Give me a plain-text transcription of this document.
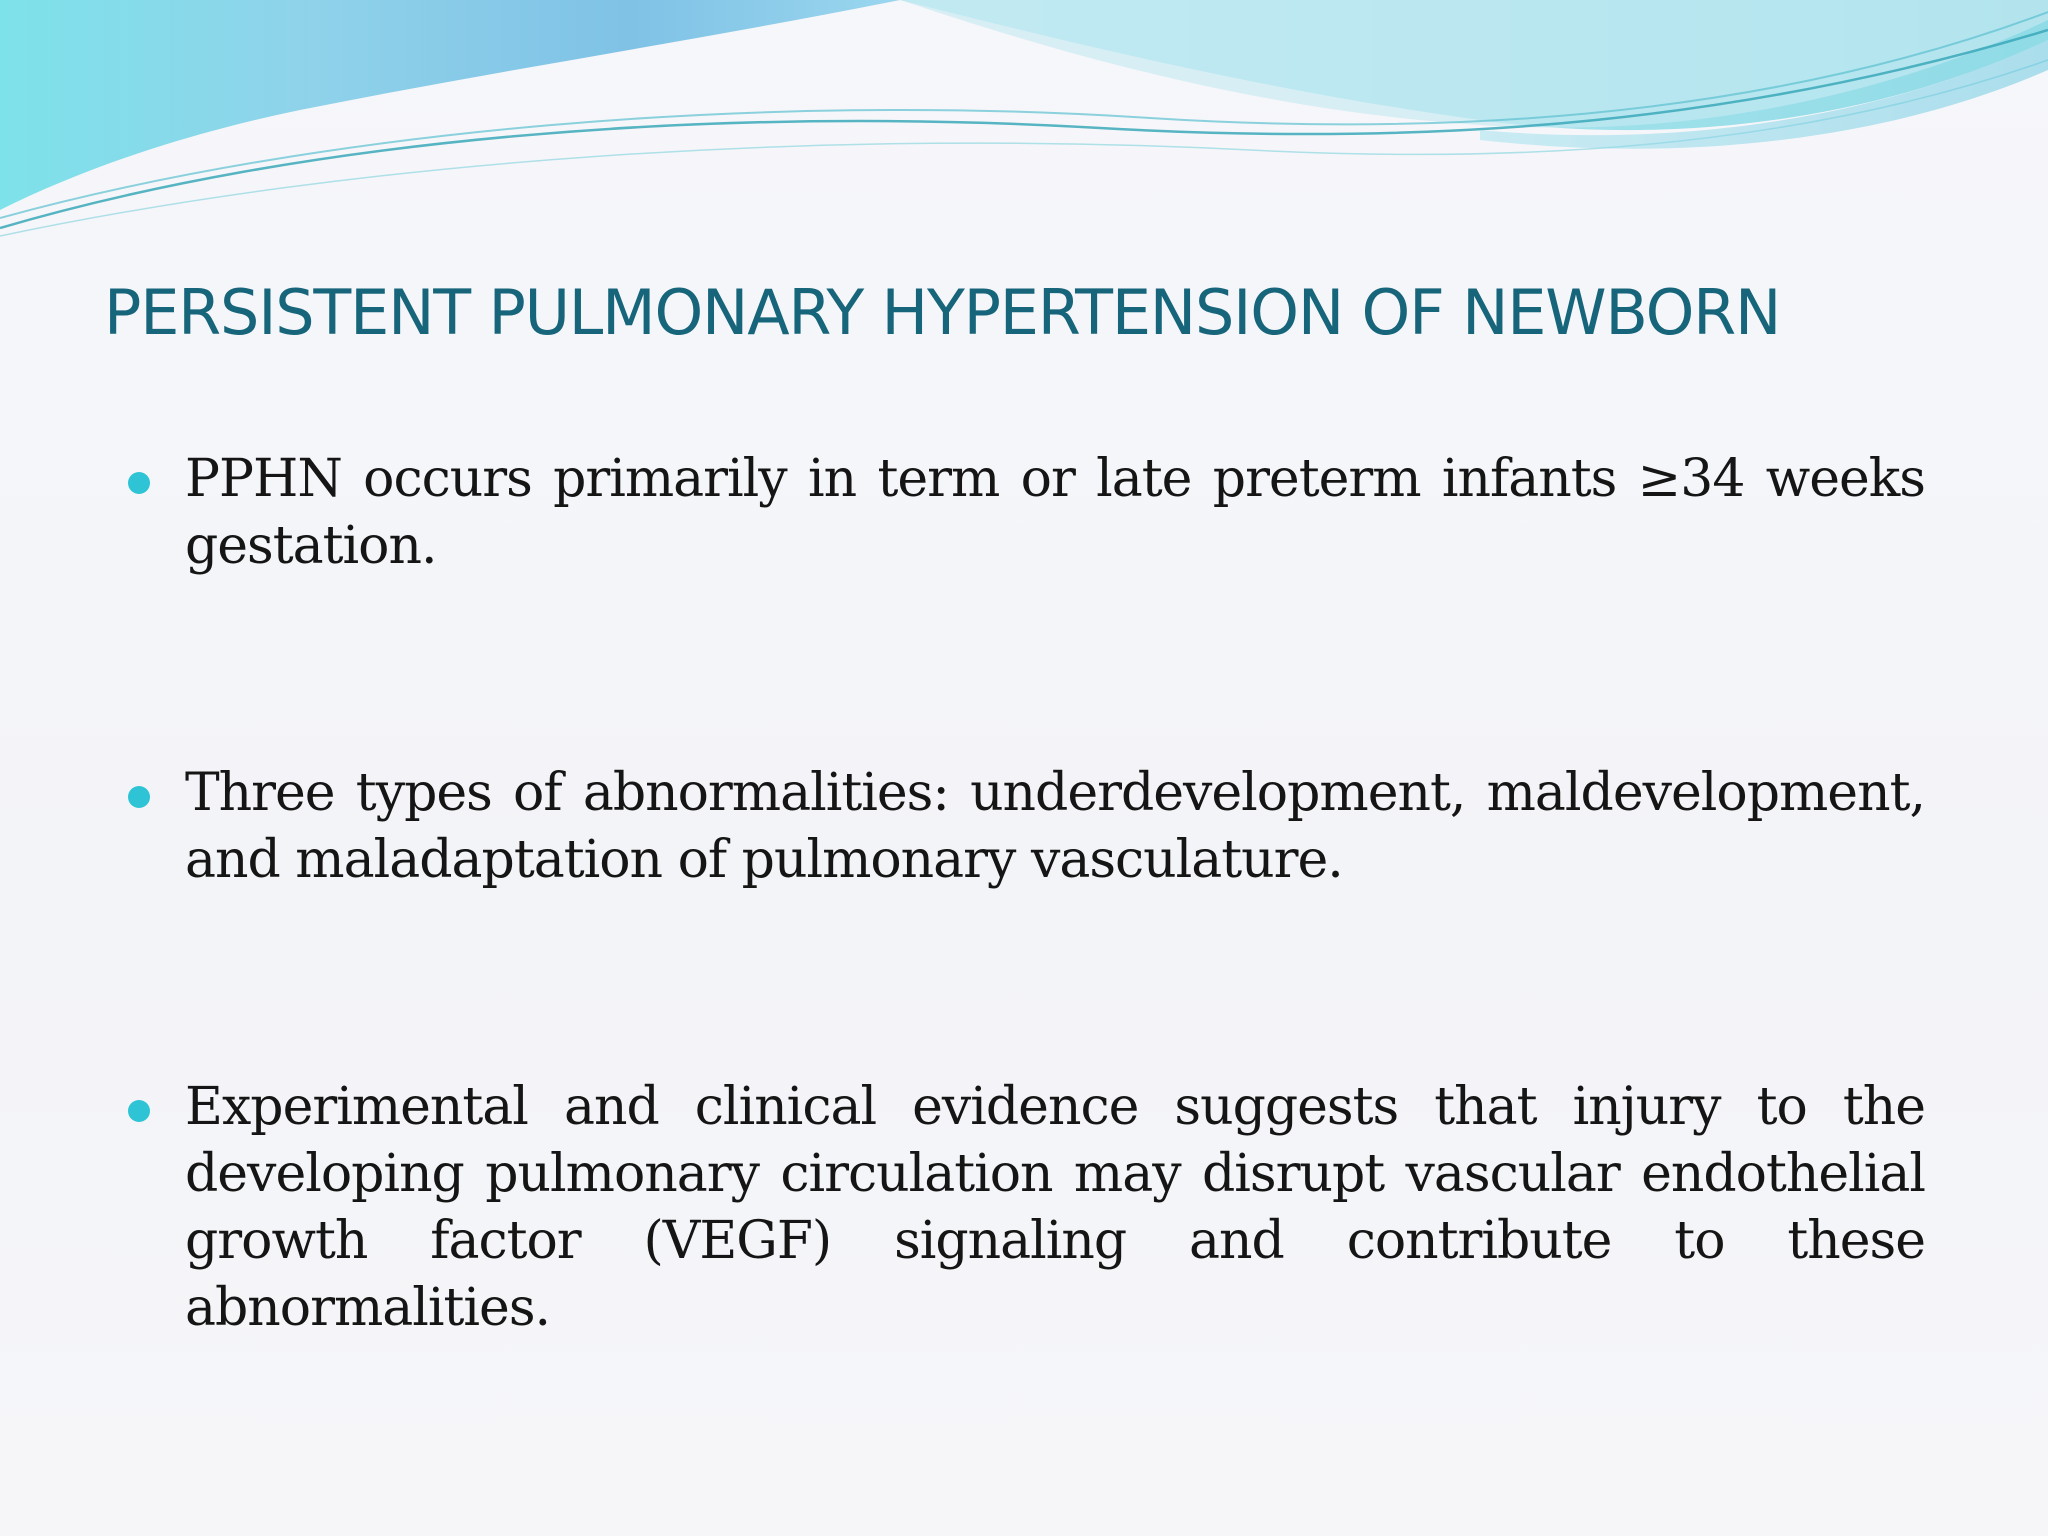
PERSISTENT PULMONARY HYPERTENSION OF NEWBORN

PPHN occurs primarily in term or late preterm infants ≥34 weeks gestation.

Three types of abnormalities: underdevelopment, maldevelopment, and maladaptation of pulmonary vasculature.

Experimental and clinical evidence suggests that injury to the developing pulmonary circulation may disrupt vascular endothelial growth factor (VEGF) signaling and contribute to these abnormalities.
